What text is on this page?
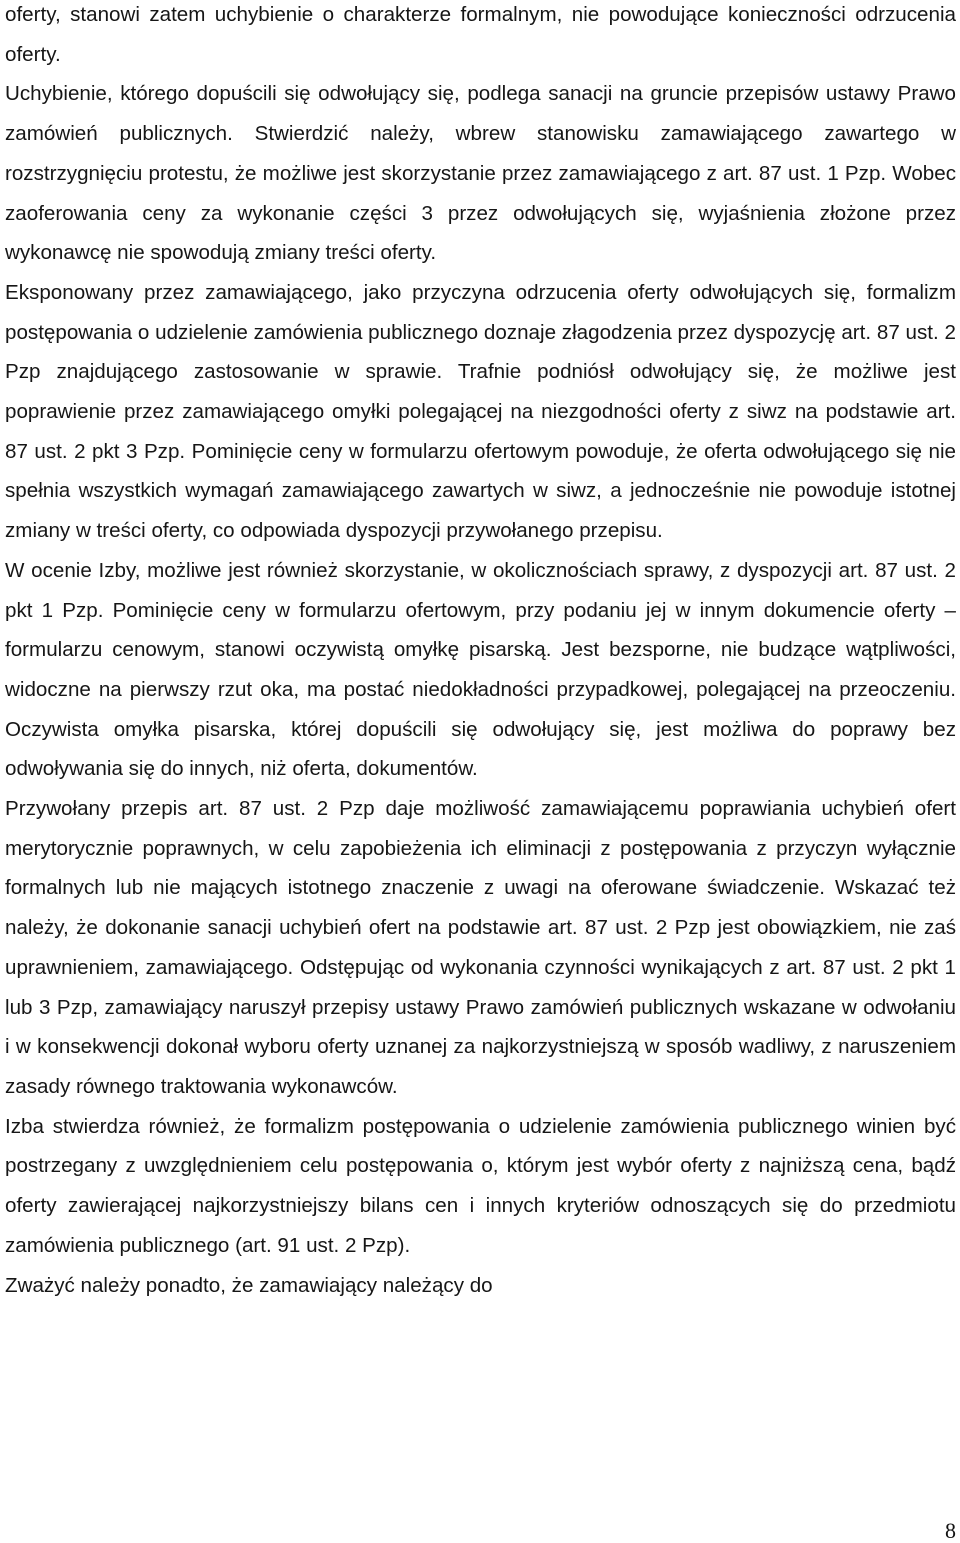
oferty, stanowi zatem uchybienie o charakterze formalnym, nie powodujące konieczności odrzucenia oferty.

Uchybienie, którego dopuścili się odwołujący się, podlega sanacji na gruncie przepisów ustawy Prawo zamówień publicznych. Stwierdzić należy, wbrew stanowisku zamawiającego zawartego w rozstrzygnięciu protestu, że możliwe jest skorzystanie przez zamawiającego z art. 87 ust. 1 Pzp. Wobec zaoferowania ceny za wykonanie części 3 przez odwołujących się, wyjaśnienia złożone przez wykonawcę nie spowodują zmiany treści oferty.

Eksponowany przez zamawiającego, jako przyczyna odrzucenia oferty odwołujących się, formalizm postępowania o udzielenie zamówienia publicznego doznaje złagodzenia przez dyspozycję art. 87 ust. 2 Pzp znajdującego zastosowanie w sprawie. Trafnie podniósł odwołujący się, że możliwe jest poprawienie przez zamawiającego omyłki polegającej na niezgodności oferty z siwz na podstawie art. 87 ust. 2 pkt 3 Pzp. Pominięcie ceny w formularzu ofertowym powoduje, że oferta odwołującego się nie spełnia wszystkich wymagań zamawiającego zawartych w siwz, a jednocześnie nie powoduje istotnej zmiany w treści oferty, co odpowiada dyspozycji przywołanego przepisu.

W ocenie Izby, możliwe jest również skorzystanie, w okolicznościach sprawy, z dyspozycji art. 87 ust. 2 pkt 1 Pzp. Pominięcie ceny w formularzu ofertowym, przy podaniu jej w innym dokumencie oferty – formularzu cenowym, stanowi oczywistą omyłkę pisarską. Jest bezsporne, nie budzące wątpliwości, widoczne na pierwszy rzut oka, ma postać niedokładności przypadkowej, polegającej na przeoczeniu. Oczywista omyłka pisarska, której dopuścili się odwołujący się, jest możliwa do poprawy bez odwoływania się do innych, niż oferta, dokumentów.

Przywołany przepis art. 87 ust. 2 Pzp daje możliwość zamawiającemu poprawiania uchybień ofert merytorycznie poprawnych, w celu zapobieżenia ich eliminacji z postępowania z przyczyn wyłącznie formalnych lub nie mających istotnego znaczenie z uwagi na oferowane świadczenie. Wskazać też należy, że dokonanie sanacji uchybień ofert na podstawie art. 87 ust. 2 Pzp jest obowiązkiem, nie zaś uprawnieniem, zamawiającego. Odstępując od wykonania czynności wynikających z art. 87 ust. 2 pkt 1 lub 3 Pzp, zamawiający naruszył przepisy ustawy Prawo zamówień publicznych wskazane w odwołaniu i w konsekwencji dokonał wyboru oferty uznanej za najkorzystniejszą w sposób wadliwy, z naruszeniem zasady równego traktowania wykonawców.

Izba stwierdza również, że formalizm postępowania o udzielenie zamówienia publicznego winien być postrzegany z uwzględnieniem celu postępowania o, którym jest wybór oferty z najniższą cena, bądź oferty zawierającej najkorzystniejszy bilans cen i innych kryteriów odnoszących się do przedmiotu zamówienia publicznego (art. 91 ust. 2 Pzp).

Zważyć należy ponadto, że zamawiający należący do

8
